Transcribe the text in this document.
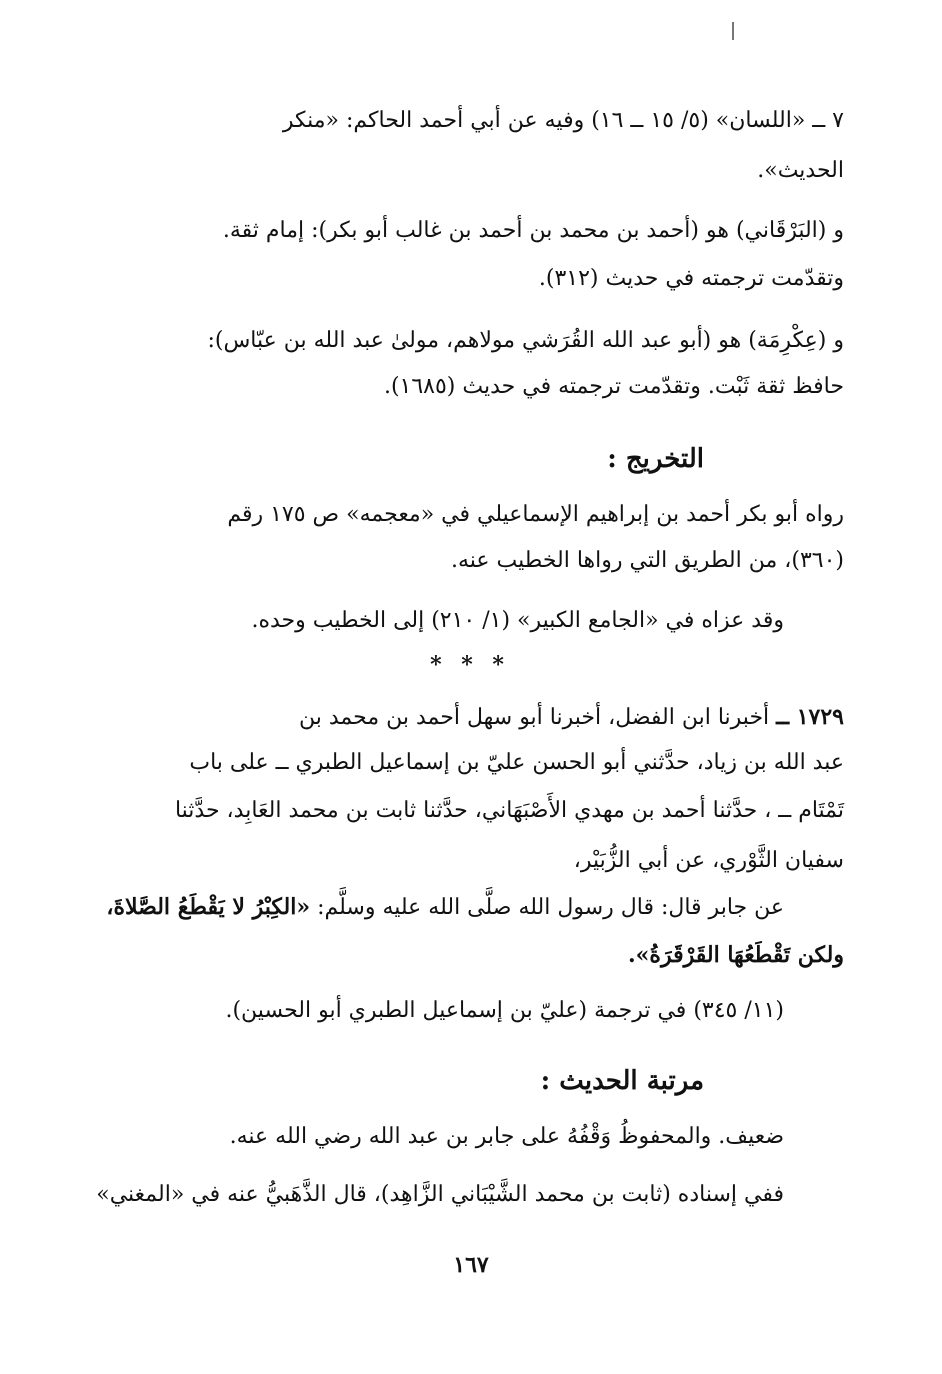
٧ ــ «اللسان» (٥/ ١٥ ــ ١٦) وفيه عن أبي أحمد الحاكم: «منكر
الحديث».
و (البَرْقَاني) هو (أحمد بن محمد بن أحمد بن غالب أبو بكر): إمام ثقة.
وتقدّمت ترجمته في حديث (٣١٢).
و (عِكْرِمَة) هو (أبو عبد الله القُرَشي مولاهم، مولىٰ عبد الله بن عبّاس):
حافظ ثقة ثَبْت. وتقدّمت ترجمته في حديث (١٦٨٥).
التخريج :
رواه أبو بكر أحمد بن إبراهيم الإسماعيلي في «معجمه» ص ١٧٥ رقم
(٣٦٠)، من الطريق التي رواها الخطيب عنه.
وقد عزاه في «الجامع الكبير» (١/ ٢١٠) إلى الخطيب وحده.
* * *
١٧٢٩ ــ أخبرنا ابن الفضل، أخبرنا أبو سهل أحمد بن محمد بن
عبد الله بن زياد، حدَّثني أبو الحسن عليّ بن إسماعيل الطبري ــ على باب
تَمْتَام ــ ، حدَّثنا أحمد بن مهدي الأَصْبَهَاني، حدَّثنا ثابت بن محمد العَابِد، حدَّثنا
سفيان الثَّوْري، عن أبي الزُّبَيْر،
عن جابر قال: قال رسول الله صلَّى الله عليه وسلَّم: «الكِبْرُ لا يَقْطَعُ الصَّلاةَ،
ولكن تَقْطَعُهَا القَرْقَرَةُ».
(١١/ ٣٤٥) في ترجمة (عليّ بن إسماعيل الطبري أبو الحسين).
مرتبة الحديث :
ضعيف. والمحفوظُ وَقْفُهُ على جابر بن عبد الله رضي الله عنه.
ففي إسناده (ثابت بن محمد الشَّيْبَاني الزَّاهِد)، قال الذَّهَبيُّ عنه في «المغني»
١٦٧
